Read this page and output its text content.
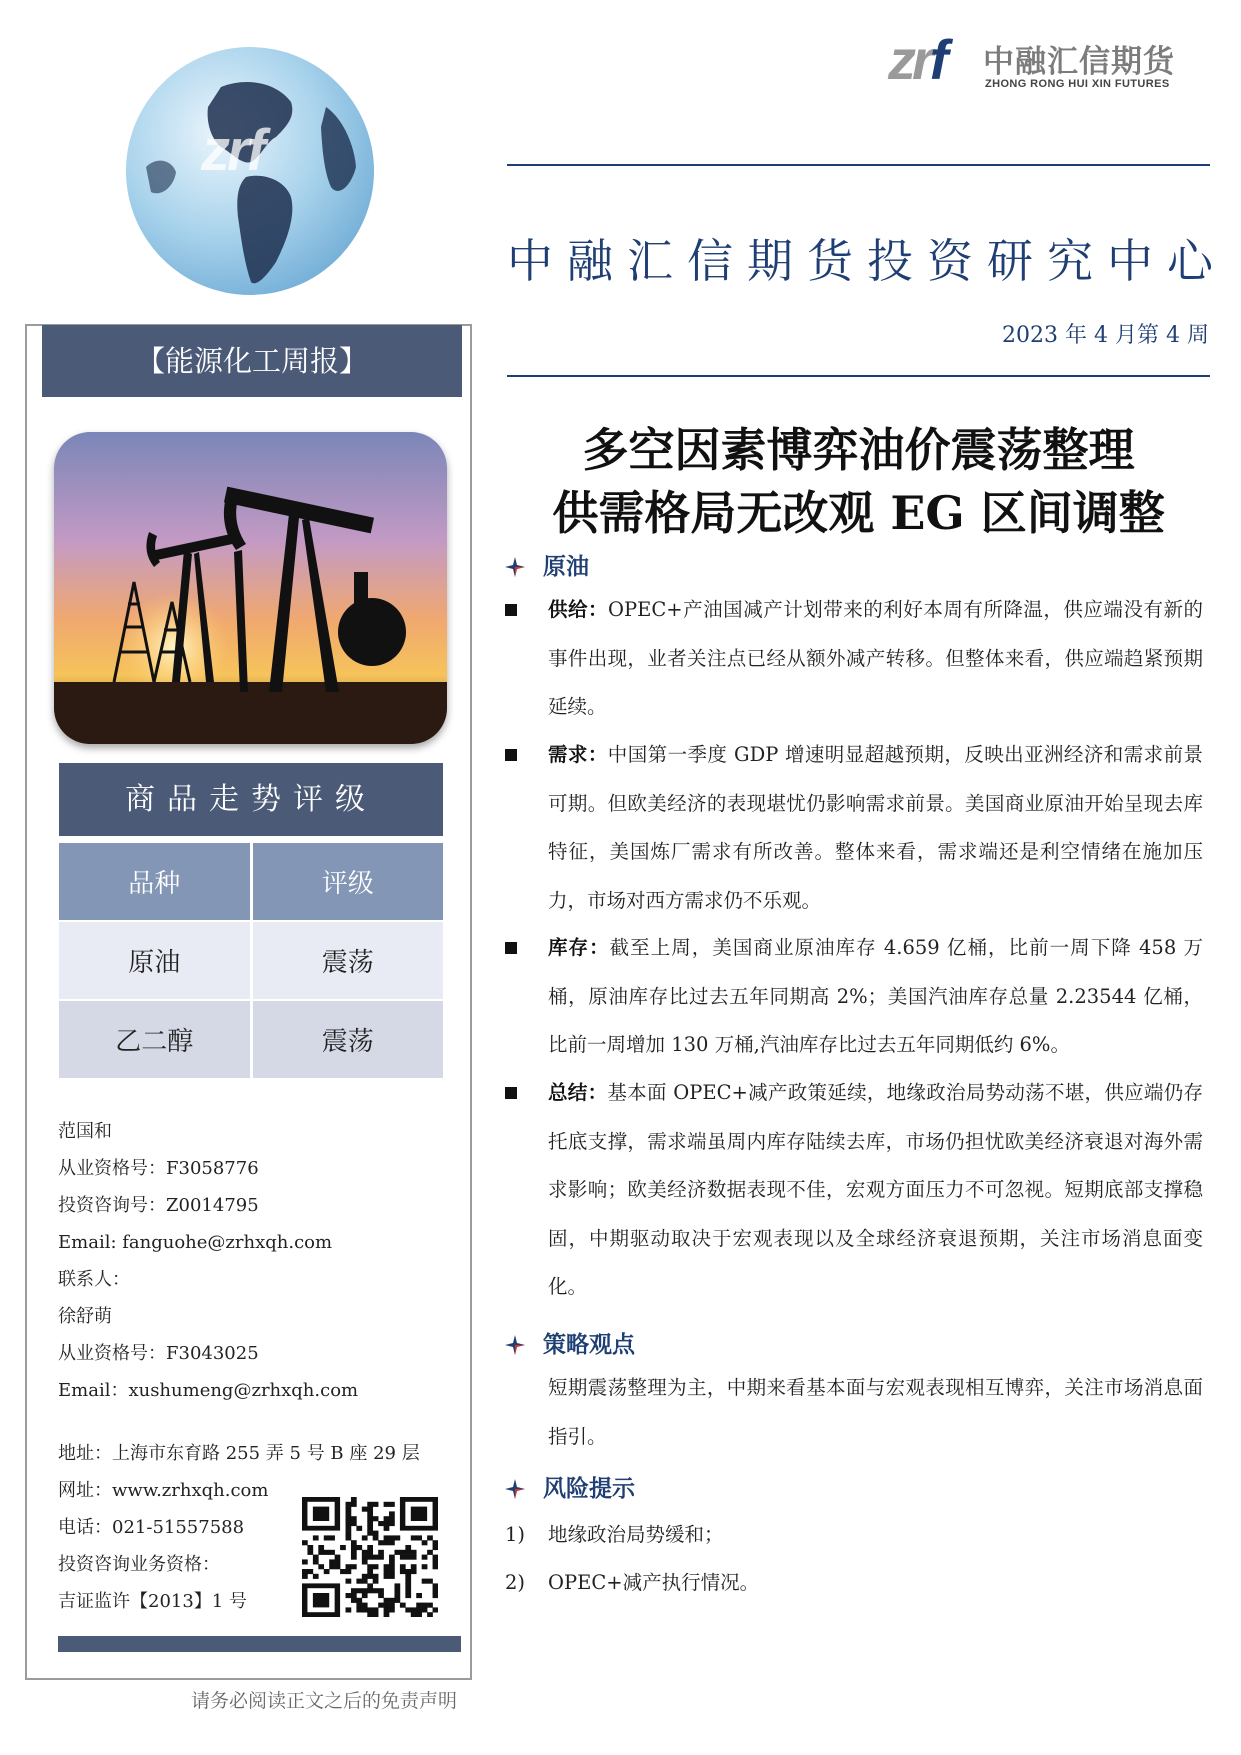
zrf
zrf 中融汇信期货
ZHONG RONG HUI XIN FUTURES
中融汇信期货投资研究中心
2023 年 4 月第 4 周
【能源化工周报】
商品走势评级
品种	评级
原油	震荡
乙二醇	震荡
范国和
从业资格号：F3058776
投资咨询号：Z0014795
Email: fanguohe@zrhxqh.com
联系人：
徐舒萌
从业资格号：F3043025
Email：xushumeng@zrhxqh.com
地址：上海市东育路 255 弄 5 号 B 座 29 层
网址：www.zrhxqh.com
电话：021-51557588
投资咨询业务资格：
吉证监许【2013】1 号
请务必阅读正文之后的免责声明
多空因素博弈油价震荡整理
供需格局无改观 EG 区间调整
原油

供给：OPEC+产油国减产计划带来的利好本周有所降温，供应端没有新的事件出现，业者关注点已经从额外减产转移。但整体来看，供应端趋紧预期延续。

需求：中国第一季度 GDP 增速明显超越预期，反映出亚洲经济和需求前景可期。但欧美经济的表现堪忧仍影响需求前景。美国商业原油开始呈现去库特征，美国炼厂需求有所改善。整体来看，需求端还是利空情绪在施加压力，市场对西方需求仍不乐观。

库存：截至上周，美国商业原油库存 4.659 亿桶，比前一周下降 458 万桶，原油库存比过去五年同期高 2%；美国汽油库存总量 2.23544 亿桶，比前一周增加 130 万桶,汽油库存比过去五年同期低约 6%。

总结：基本面 OPEC+减产政策延续，地缘政治局势动荡不堪，供应端仍存托底支撑，需求端虽周内库存陆续去库，市场仍担忧欧美经济衰退对海外需求影响；欧美经济数据表现不佳，宏观方面压力不可忽视。短期底部支撑稳固，中期驱动取决于宏观表现以及全球经济衰退预期，关注市场消息面变化。

策略观点

短期震荡整理为主，中期来看基本面与宏观表现相互博弈，关注市场消息面指引。

风险提示
1) 地缘政治局势缓和；
2) OPEC+减产执行情况。
